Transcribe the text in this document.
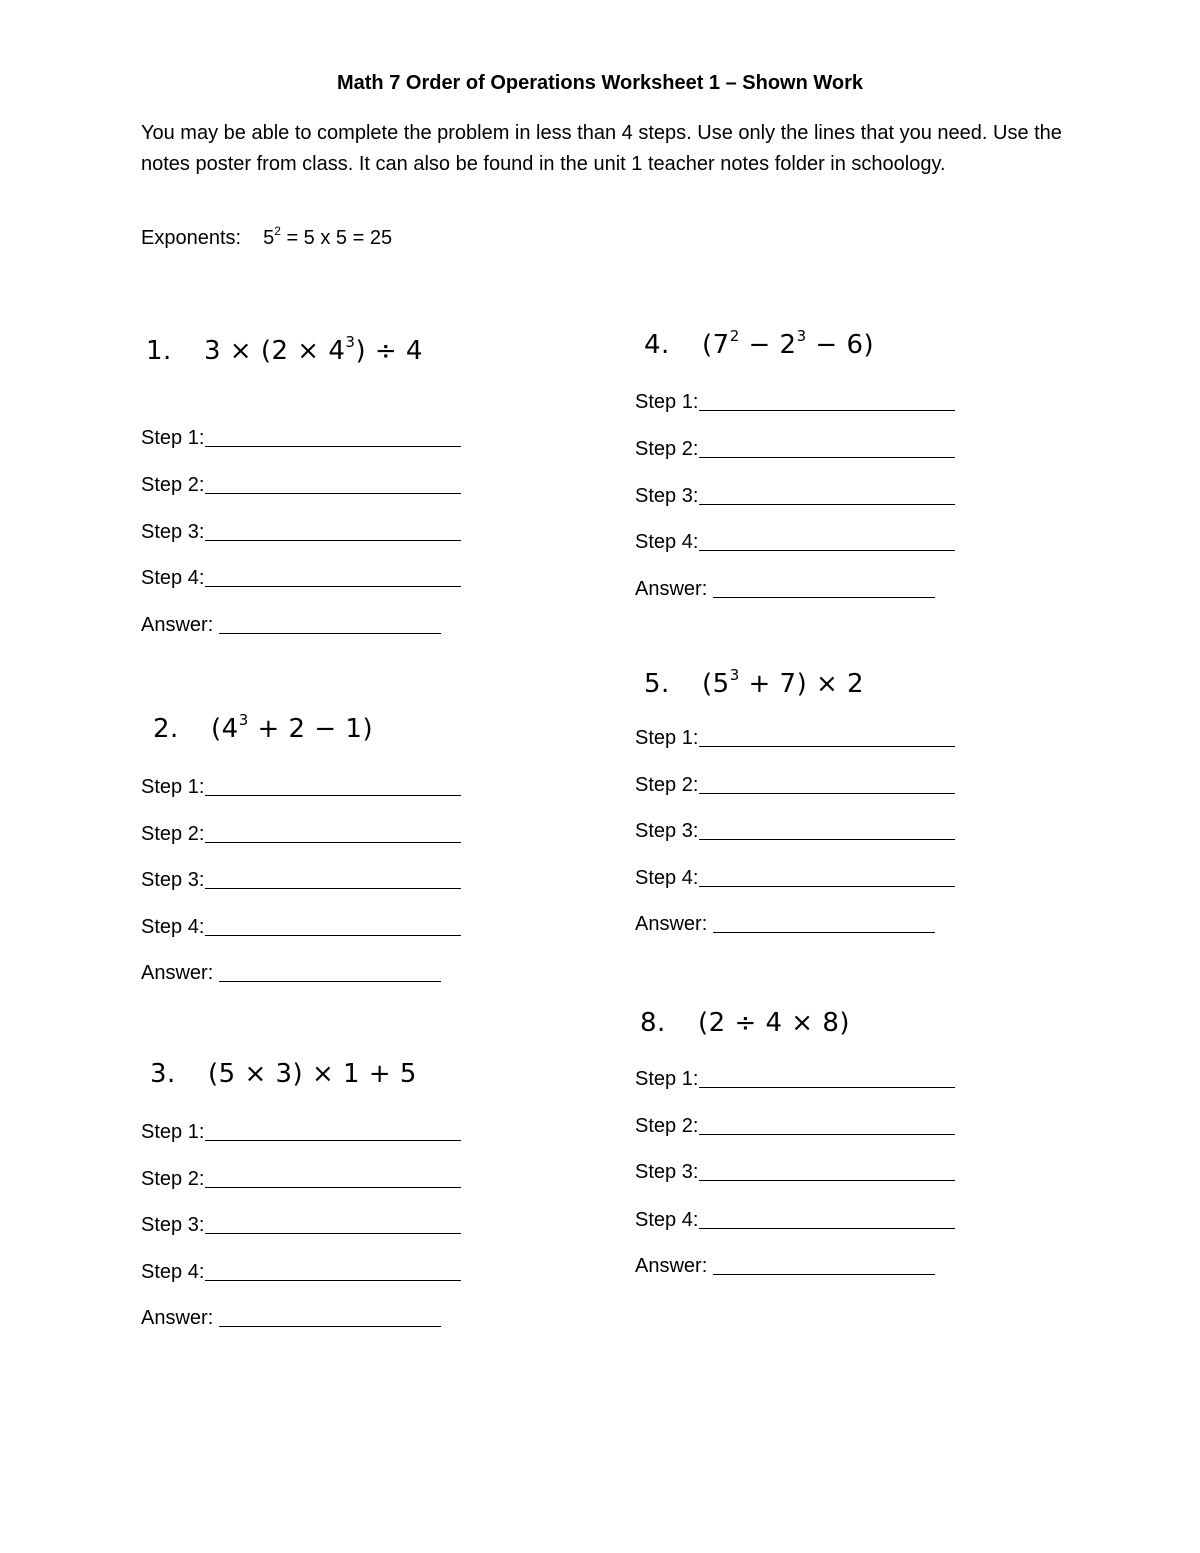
Math 7 Order of Operations Worksheet 1 – Shown Work
You may be able to complete the problem in less than 4 steps. Use only the lines that you need. Use the notes poster from class. It can also be found in the unit 1 teacher notes folder in schoology.
Exponents: $5^2 = 5$ x 5 = 25
1. $3 \times (2 \times 4^3) \div 4$
Step 1:
Step 2:
Step 3:
Step 4:
Answer:
2. $(4^3 + 2 - 1)$
Step 1:
Step 2:
Step 3:
Step 4:
Answer:
3. (5 × 3) × 1 + 5
Step 1:
Step 2:
Step 3:
Step 4:
Answer:
4. $(7^2 - 2^3 - 6)$
Step 1:
Step 2:
Step 3:
Step 4:
Answer:
5. $(5^3 + 7) \times 2$
Step 1:
Step 2:
Step 3:
Step 4:
Answer:
8. (2 ÷ 4 × 8)
Step 1:
Step 2:
Step 3:
Step 4:
Answer:
